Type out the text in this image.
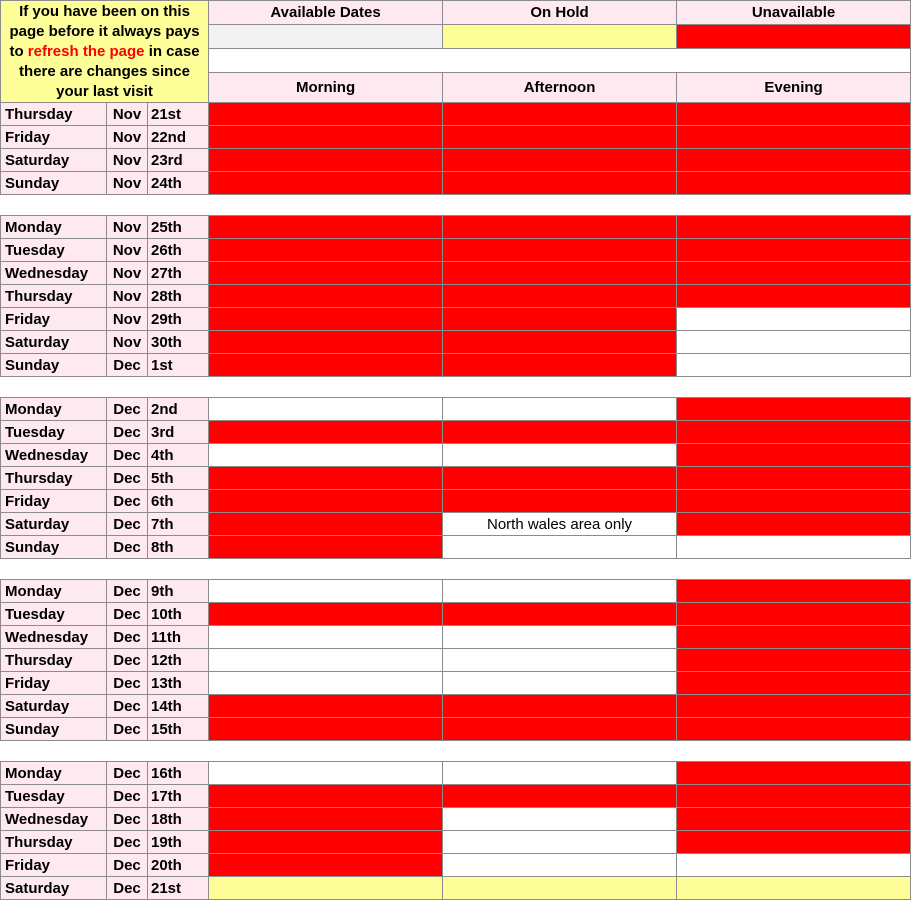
If you have been on this page before it always pays to refresh the page in case there are changes since your last visit			Available Dates	On Hold	Unavailable

			Morning	Afternoon	Evening
Thursday	Nov	21st			
Friday	Nov	22nd			
Saturday	Nov	23rd			
Sunday	Nov	24th			

Monday	Nov	25th			
Tuesday	Nov	26th			
Wednesday	Nov	27th			
Thursday	Nov	28th			
Friday	Nov	29th			
Saturday	Nov	30th			
Sunday	Dec	1st			

Monday	Dec	2nd			
Tuesday	Dec	3rd			
Wednesday	Dec	4th			
Thursday	Dec	5th			
Friday	Dec	6th			
Saturday	Dec	7th		North wales area only	
Sunday	Dec	8th			

Monday	Dec	9th			
Tuesday	Dec	10th			
Wednesday	Dec	11th			
Thursday	Dec	12th			
Friday	Dec	13th			
Saturday	Dec	14th			
Sunday	Dec	15th			

Monday	Dec	16th			
Tuesday	Dec	17th			
Wednesday	Dec	18th			
Thursday	Dec	19th			
Friday	Dec	20th			
Saturday	Dec	21st			
